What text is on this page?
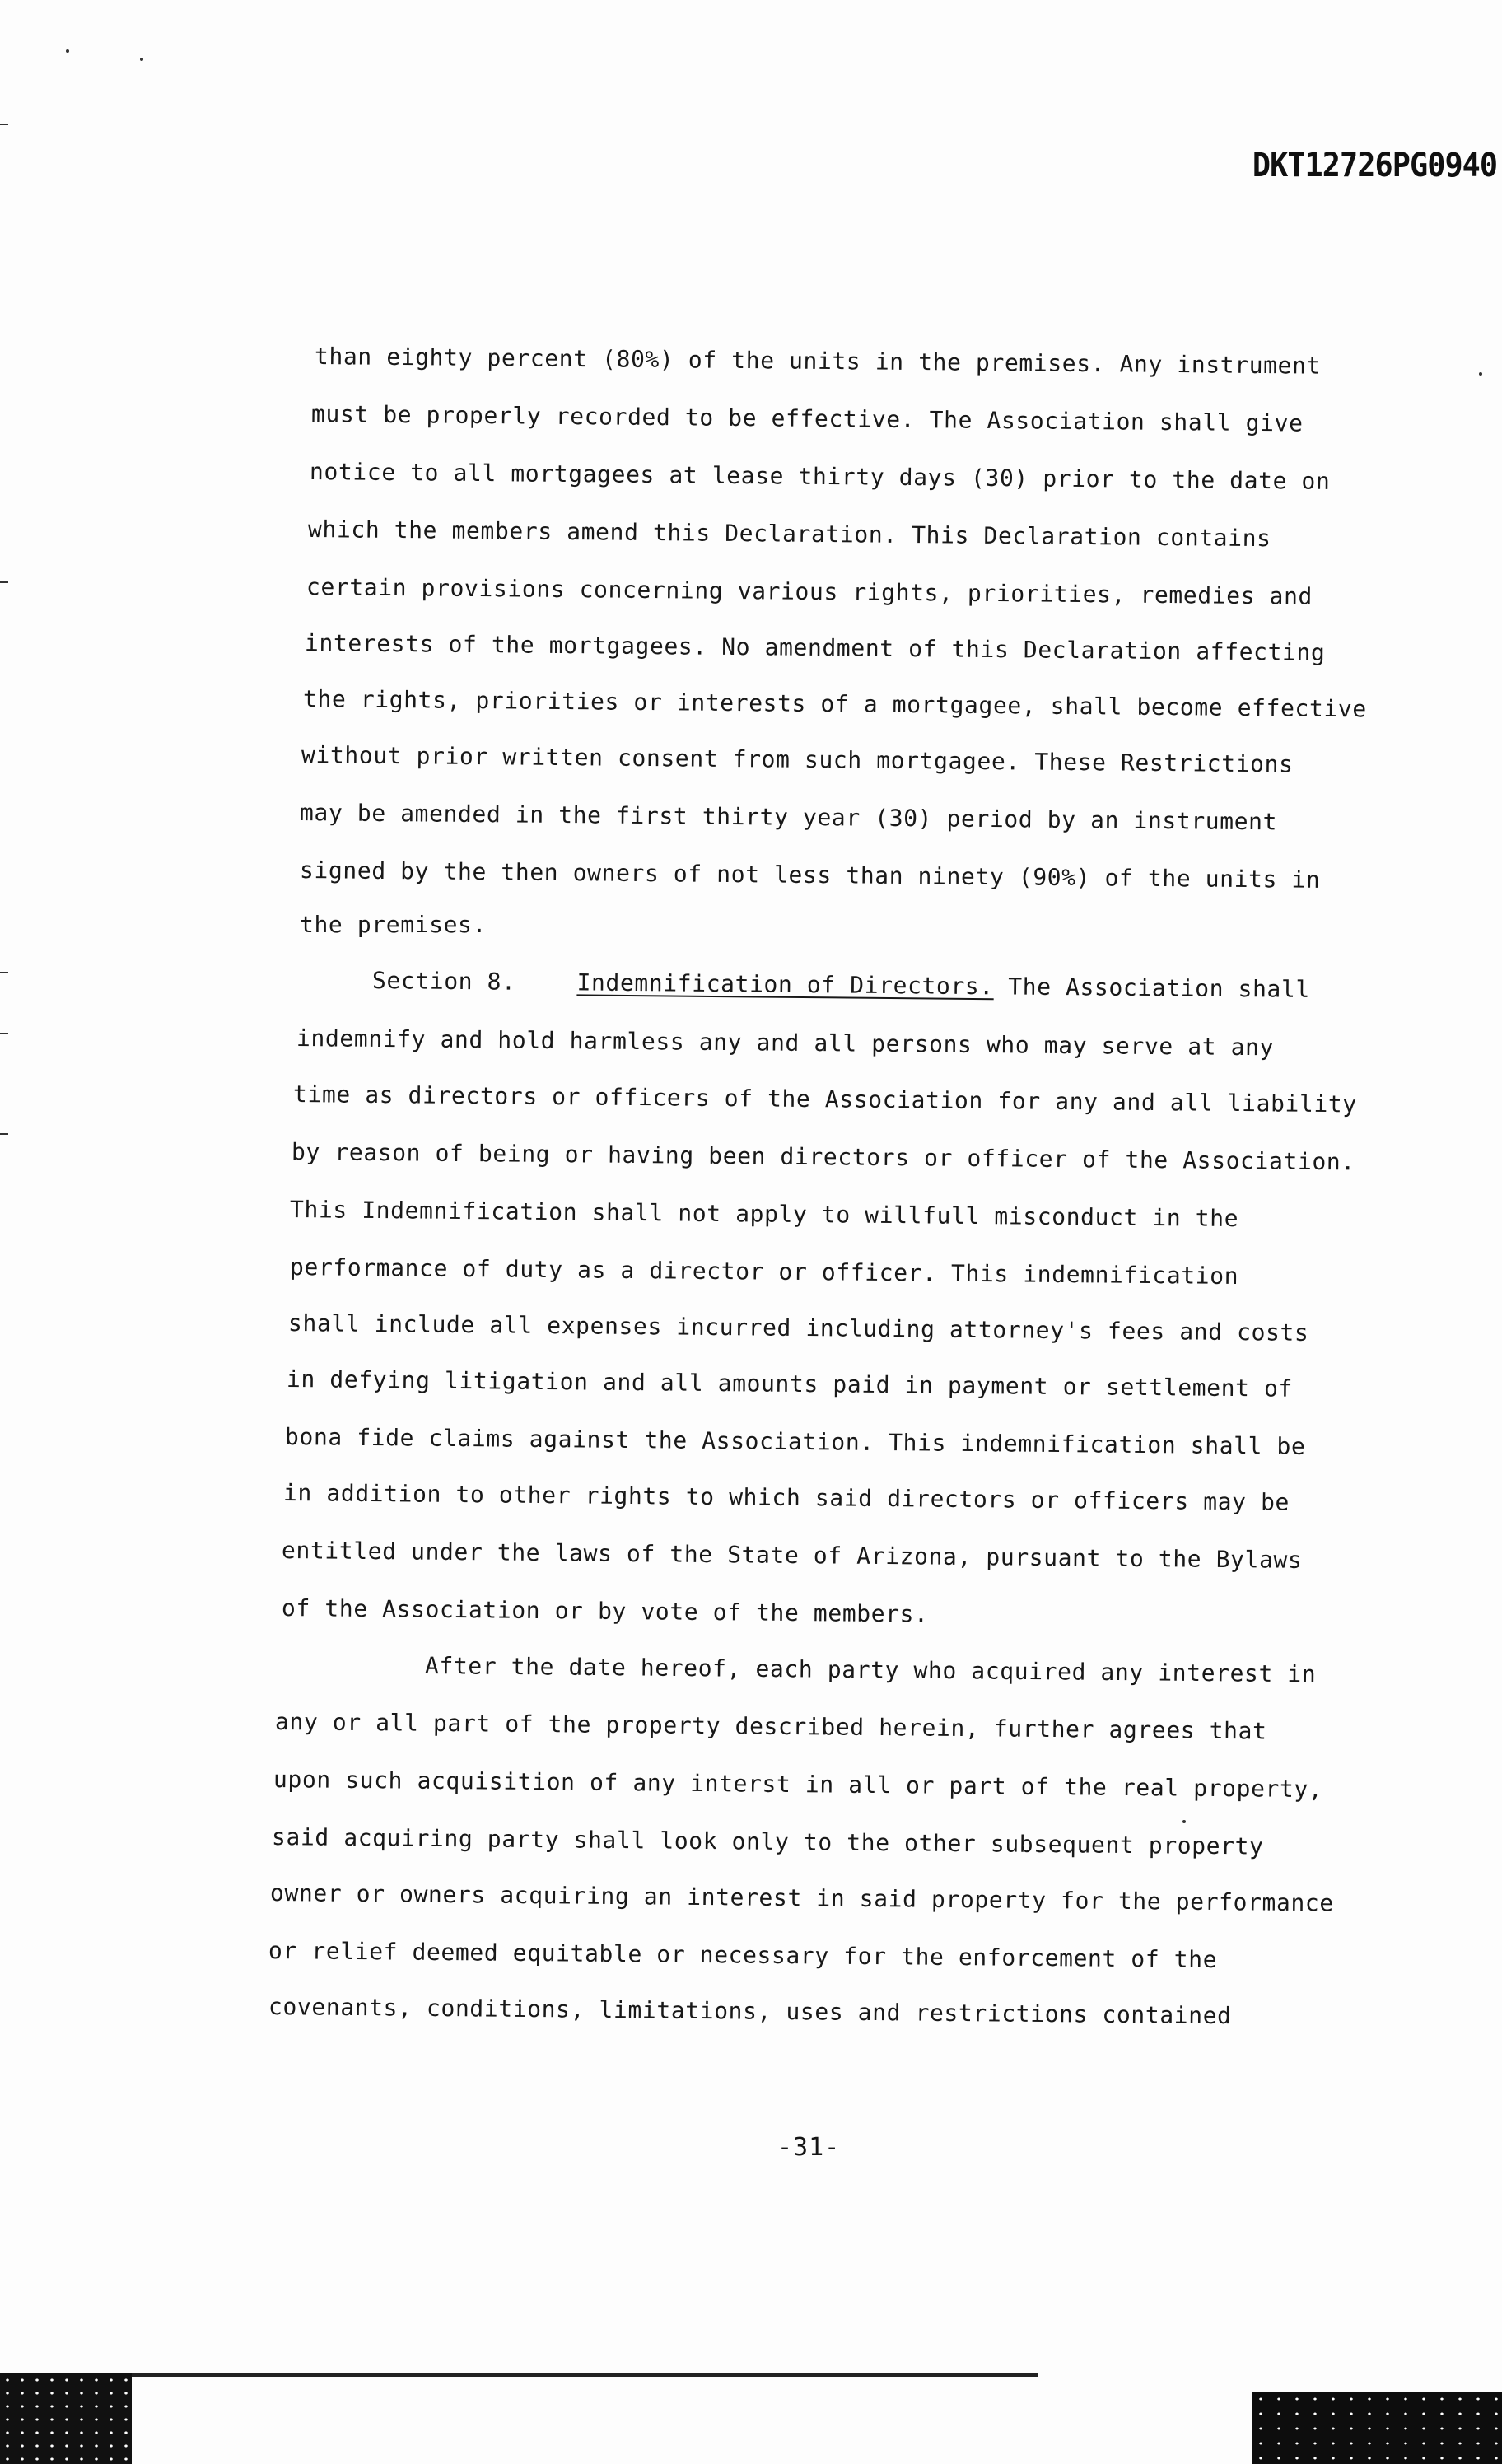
DKT12726PG0940
than eighty percent (80%) of the units in the premises. Any instrument
must be properly recorded to be effective. The Association shall give
notice to all mortgagees at lease thirty days (30) prior to the date on
which the members amend this Declaration. This Declaration contains
certain provisions concerning various rights, priorities, remedies and
interests of the mortgagees. No amendment of this Declaration affecting
the rights, priorities or interests of a mortgagee, shall become effective
without prior written consent from such mortgagee. These Restrictions
may be amended in the first thirty year (30) period by an instrument
signed by the then owners of not less than ninety (90%) of the units in
the premises.
Section 8.	Indemnification of Directors. The Association shall
indemnify and hold harmless any and all persons who may serve at any
time as directors or officers of the Association for any and all liability
by reason of being or having been directors or officer of the Association.
This Indemnification shall not apply to willfull misconduct in the
performance of duty as a director or officer. This indemnification
shall include all expenses incurred including attorney's fees and costs
in defying litigation and all amounts paid in payment or settlement of
bona fide claims against the Association. This indemnification shall be
in addition to other rights to which said directors or officers may be
entitled under the laws of the State of Arizona, pursuant to the Bylaws
of the Association or by vote of the members.
After the date hereof, each party who acquired any interest in
any or all part of the property described herein, further agrees that
upon such acquisition of any interst in all or part of the real property,
said acquiring party shall look only to the other subsequent property
owner or owners acquiring an interest in said property for the performance
or relief deemed equitable or necessary for the enforcement of the
covenants, conditions, limitations, uses and restrictions contained
-31-
